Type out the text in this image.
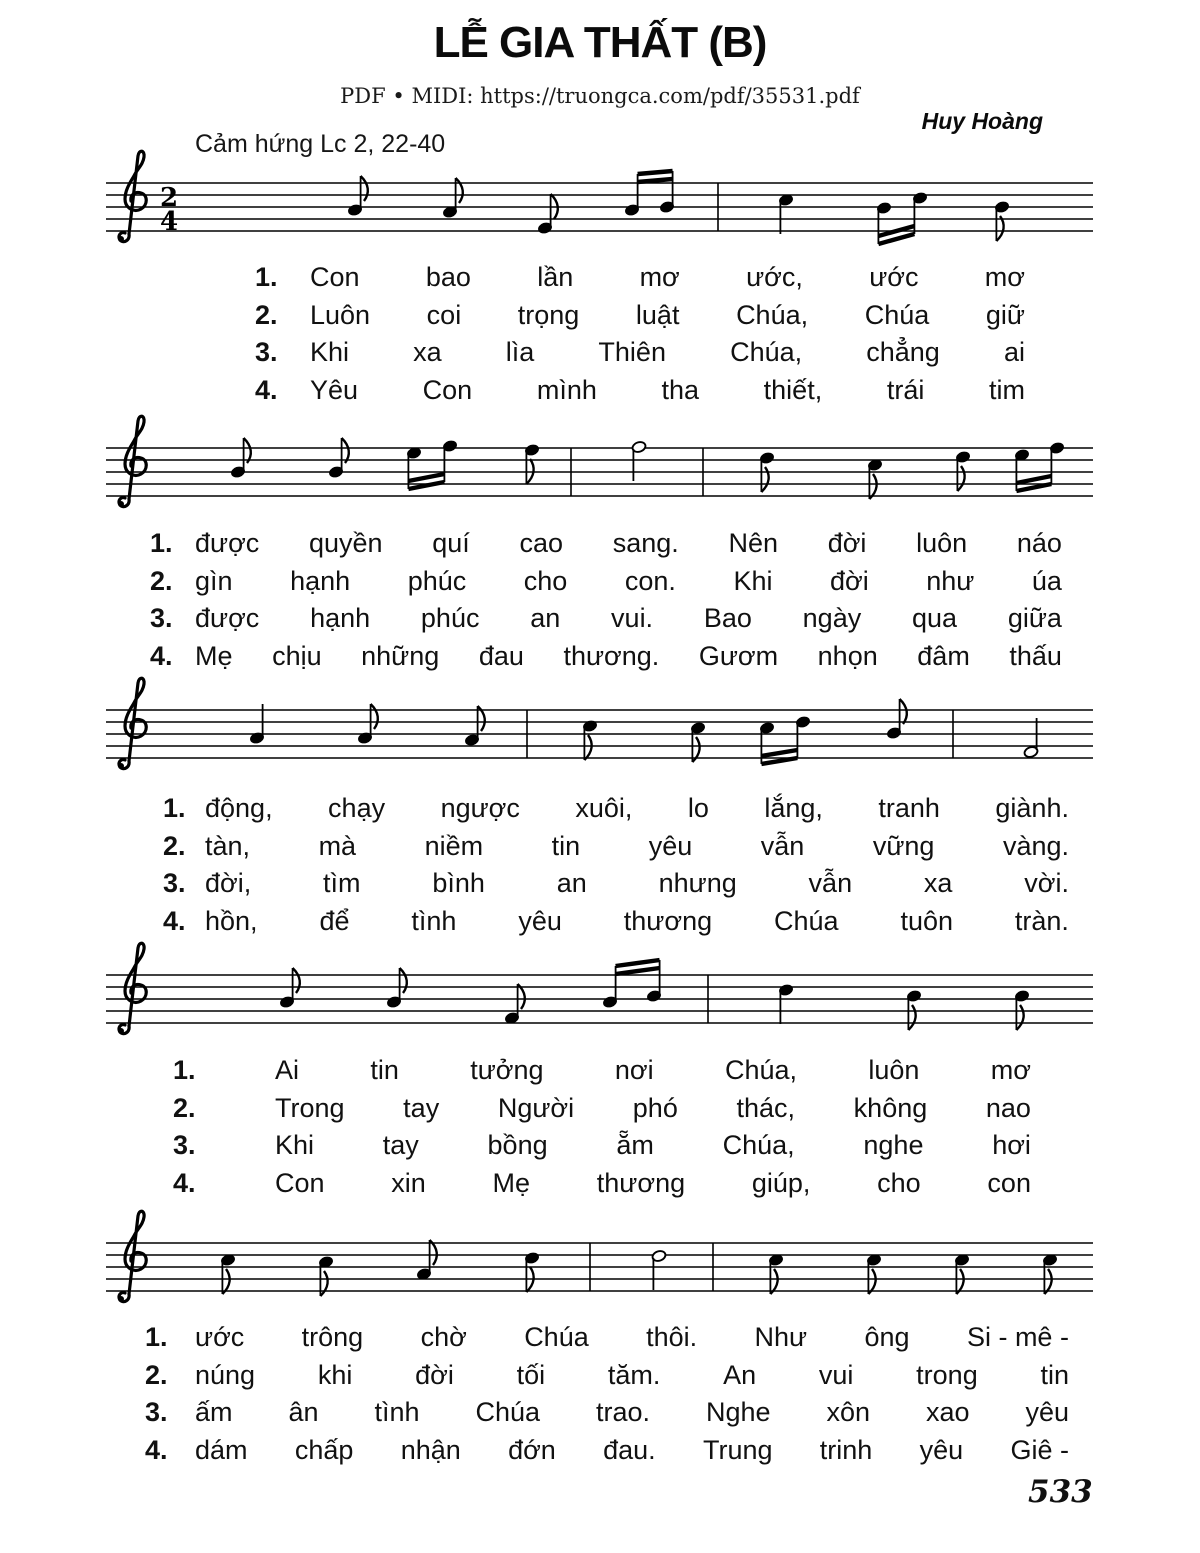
LỄ GIA THẤT (B)
PDF • MIDI: https://truongca.com/pdf/35531.pdf
Huy Hoàng
Cảm hứng Lc 2, 22-40
2
4
1. Con bao lần mơ ước, ước mơ
2. Luôn coi trọng luật Chúa, Chúa giữ
3. Khi xa lìa Thiên Chúa, chẳng ai
4. Yêu Con mình tha thiết, trái tim
1. được quyền quí cao sang. Nên đời luôn náo
2. gìn hạnh phúc cho con. Khi đời như úa
3. được hạnh phúc an vui. Bao ngày qua giữa
4. Mẹ chịu những đau thương. Gươm nhọn đâm thấu
1. động, chạy ngược xuôi, lo lắng, tranh giành.
2. tàn,	mà	niềm	tin	yêu	vẫn	vững	vàng.
3. đời,	tìm	bình	an	nhưng	vẫn	xa	vời.
4. hồn, để tình yêu thương Chúa tuôn tràn.
1.	Ai	tin	tưởng	nơi	Chúa,	luôn	mơ
2.	Trong tay Người phó thác, không nao
3.	Khi	tay	bồng	ẵm	Chúa,	nghe	hơi
4.	Con xin Mẹ thương giúp, cho con
1. ước trông chờ Chúa thôi. Như ông Si - mê -
2. núng khi đời tối tăm. An vui trong tin
3. ấm ân tình Chúa trao. Nghe xôn xao yêu
4. dám chấp nhận đớn đau. Trung trinh yêu Giê -
533
